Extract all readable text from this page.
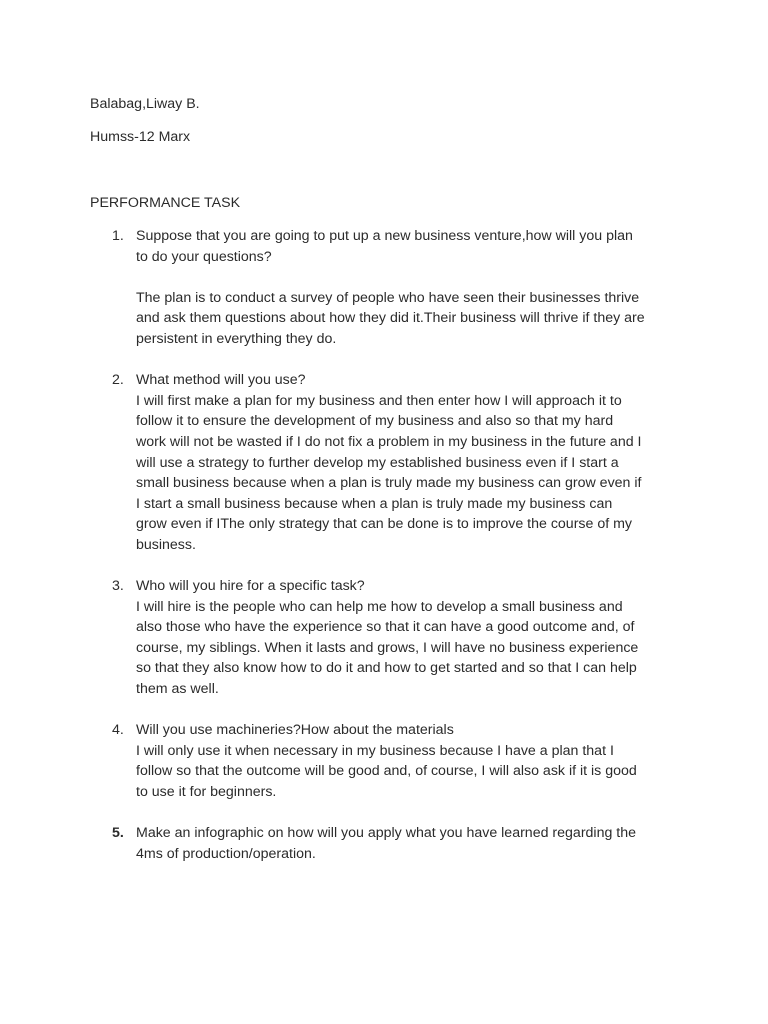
Balabag,Liway B.
Humss-12 Marx
PERFORMANCE TASK
1. Suppose that you are going to put up a new business venture,how will you plan
to do your questions?
The plan is to conduct a survey of people who have seen their businesses thrive
and ask them questions about how they did it.Their business will thrive if they are
persistent in everything they do.
2. What method will you use?
I will first make a plan for my business and then enter how I will approach it to
follow it to ensure the development of my business and also so that my hard
work will not be wasted if I do not fix a problem in my business in the future and I
will use a strategy to further develop my established business even if I start a
small business because when a plan is truly made my business can grow even if
I start a small business because when a plan is truly made my business can
grow even if IThe only strategy that can be done is to improve the course of my
business.
3. Who will you hire for a specific task?
I will hire is the people who can help me how to develop a small business and
also those who have the experience so that it can have a good outcome and, of
course, my siblings. When it lasts and grows, I will have no business experience
so that they also know how to do it and how to get started and so that I can help
them as well.
4. Will you use machineries?How about the materials
I will only use it when necessary in my business because I have a plan that I
follow so that the outcome will be good and, of course, I will also ask if it is good
to use it for beginners.
5. Make an infographic on how will you apply what you have learned regarding the
4ms of production/operation.
